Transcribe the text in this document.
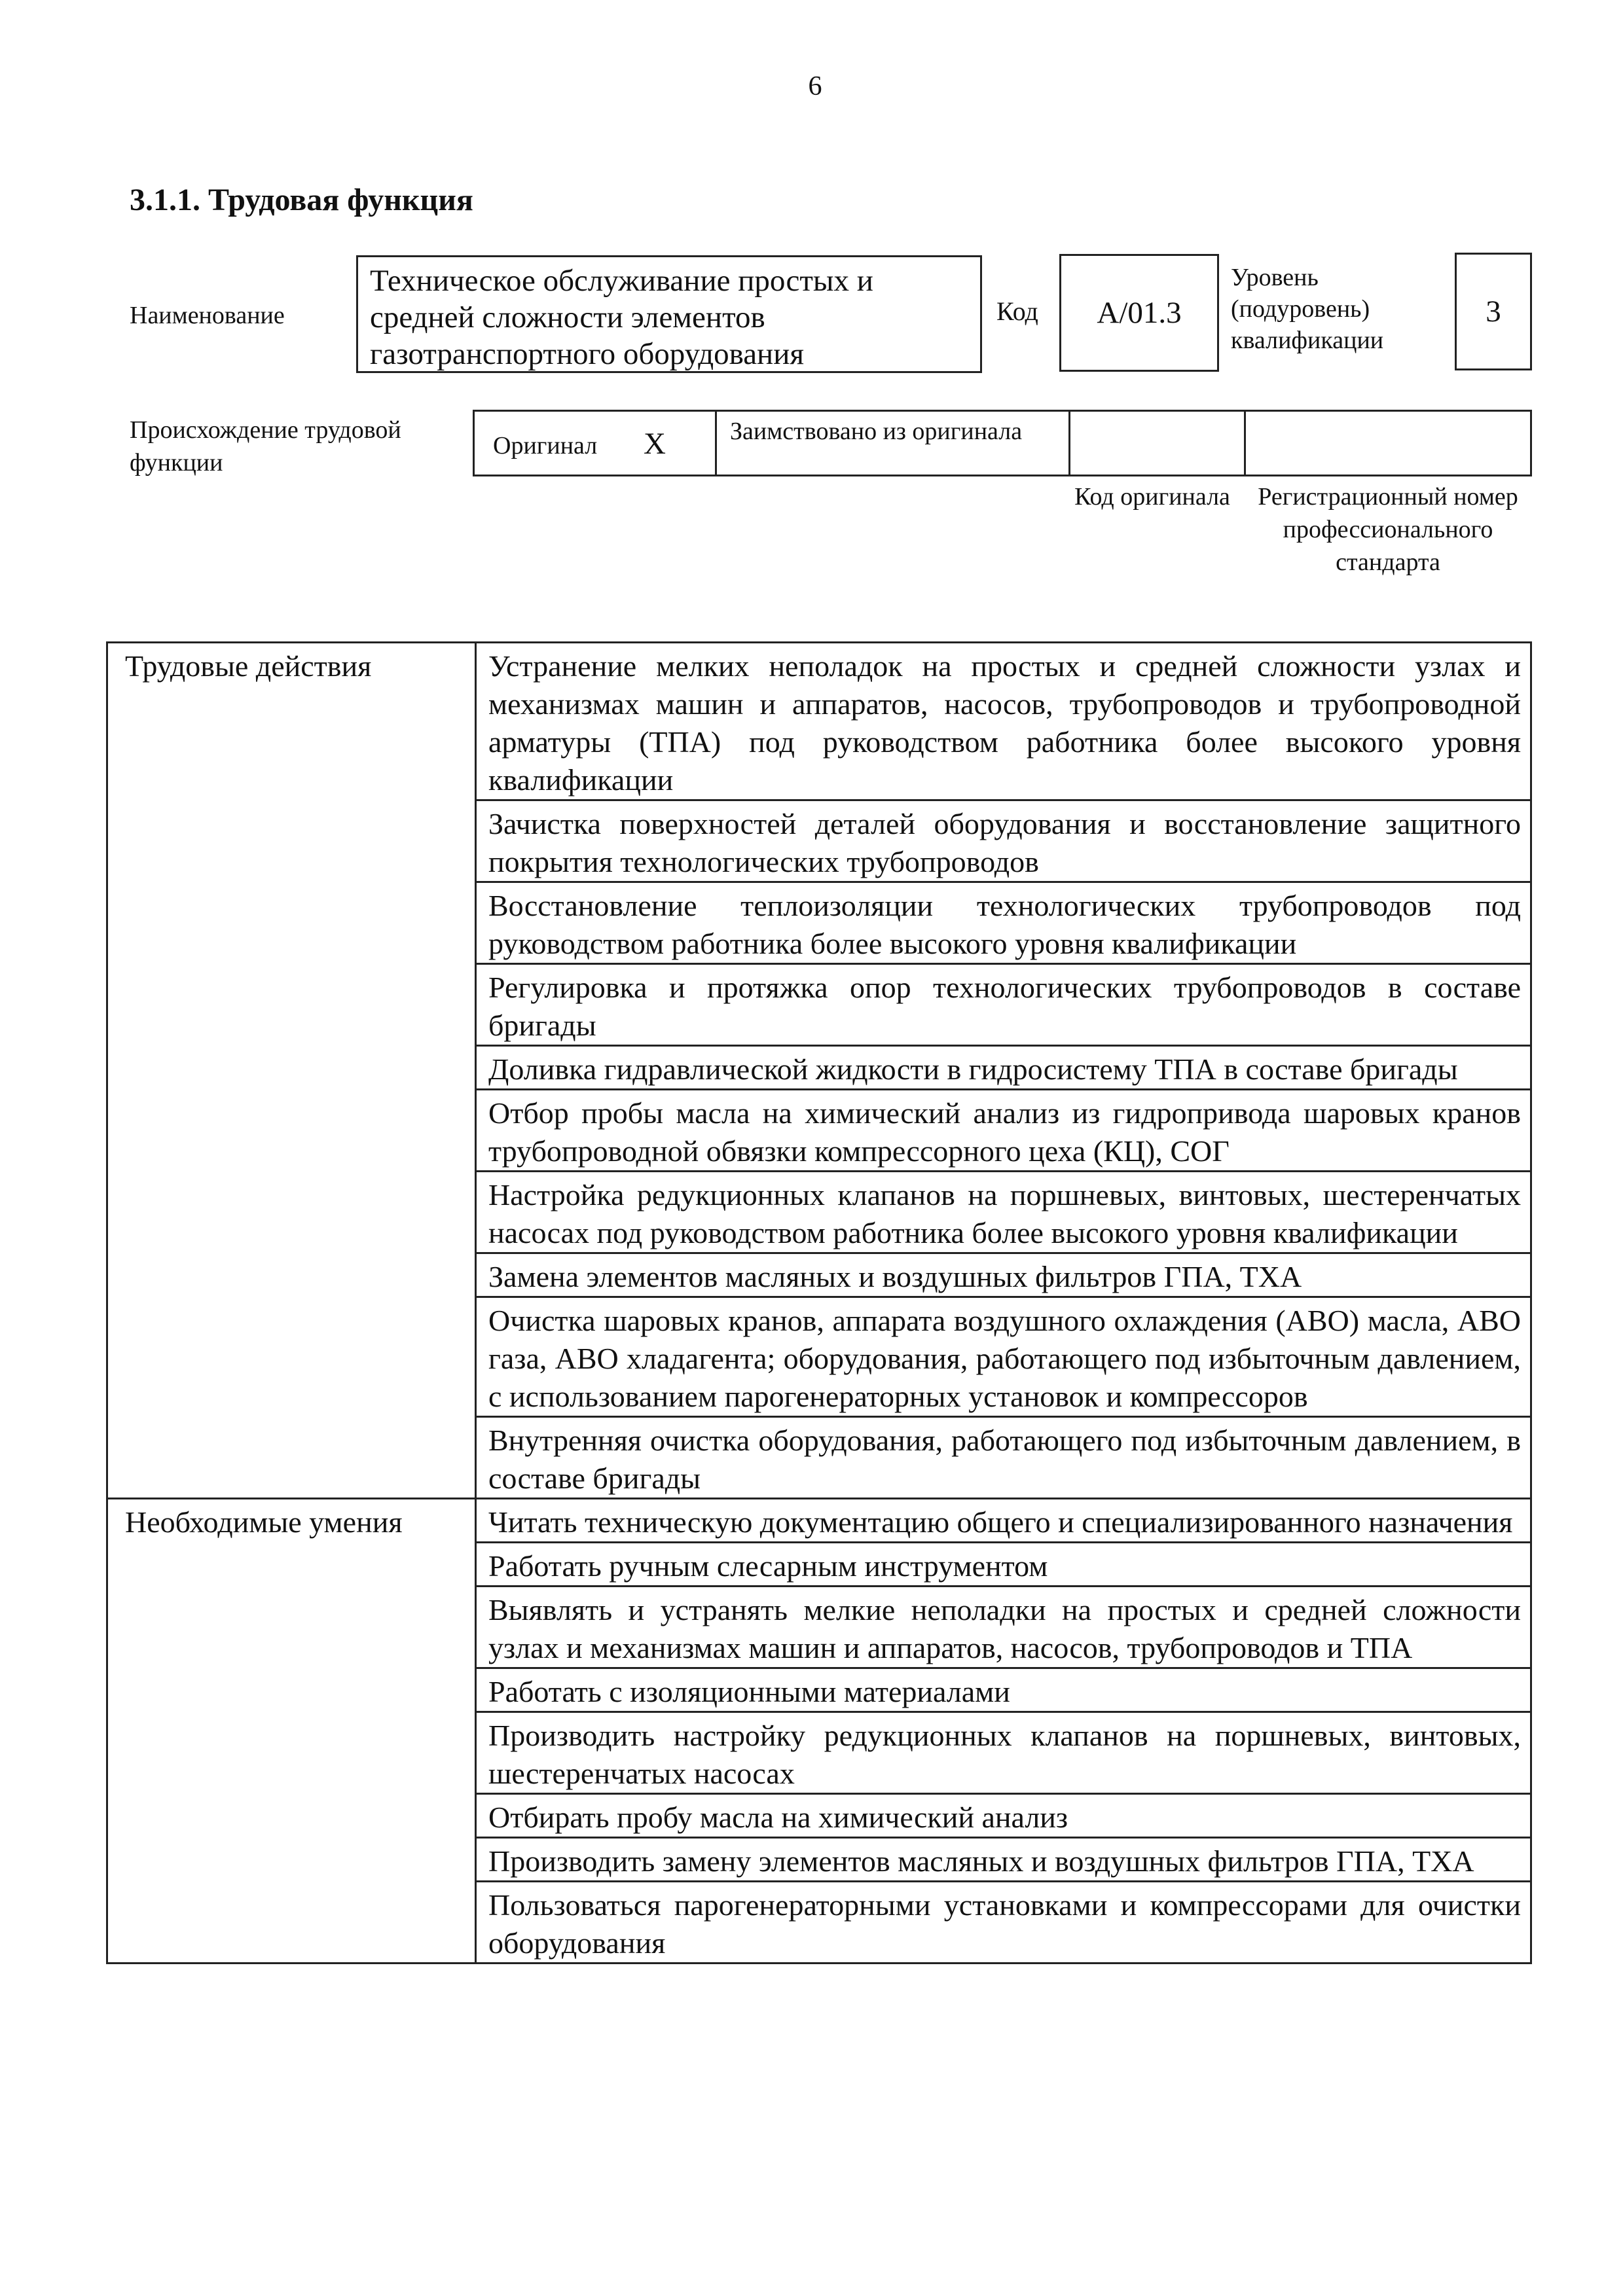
6
3.1.1. Трудовая функция
Наименование
Техническое обслуживание простых и средней сложности элементов газотранспортного оборудования
Код А/01.3
Уровень
(подуровень)
квалификации
3
Происхождение трудовой функции
Оригинал X	Заимствовано из оригинала
Код оригинала	Регистрационный номер профессионального стандарта
Трудовые действия	Устранение мелких неполадок на простых и средней сложности узлах и механизмах машин и аппаратов, насосов, трубопроводов и трубопроводной арматуры (ТПА) под руководством работника более высокого уровня квалификации
	Зачистка поверхностей деталей оборудования и восстановление защитного покрытия технологических трубопроводов
	Восстановление теплоизоляции технологических трубопроводов под руководством работника более высокого уровня квалификации
	Регулировка и протяжка опор технологических трубопроводов в составе бригады
	Доливка гидравлической жидкости в гидросистему ТПА в составе бригады
	Отбор пробы масла на химический анализ из гидропривода шаровых кранов трубопроводной обвязки компрессорного цеха (КЦ), СОГ
	Настройка редукционных клапанов на поршневых, винтовых, шестеренчатых насосах под руководством работника более высокого уровня квалификации
	Замена элементов масляных и воздушных фильтров ГПА, ТХА
	Очистка шаровых кранов, аппарата воздушного охлаждения (АВО) масла, АВО газа, АВО хладагента; оборудования, работающего под избыточным давлением, с использованием парогенераторных установок и компрессоров
	Внутренняя очистка оборудования, работающего под избыточным давлением, в составе бригады
Необходимые умения	Читать техническую документацию общего и специализированного назначения
	Работать ручным слесарным инструментом
	Выявлять и устранять мелкие неполадки на простых и средней сложности узлах и механизмах машин и аппаратов, насосов, трубопроводов и ТПА
	Работать с изоляционными материалами
	Производить настройку редукционных клапанов на поршневых, винтовых, шестеренчатых насосах
	Отбирать пробу масла на химический анализ
	Производить замену элементов масляных и воздушных фильтров ГПА, ТХА
	Пользоваться парогенераторными установками и компрессорами для очистки оборудования
